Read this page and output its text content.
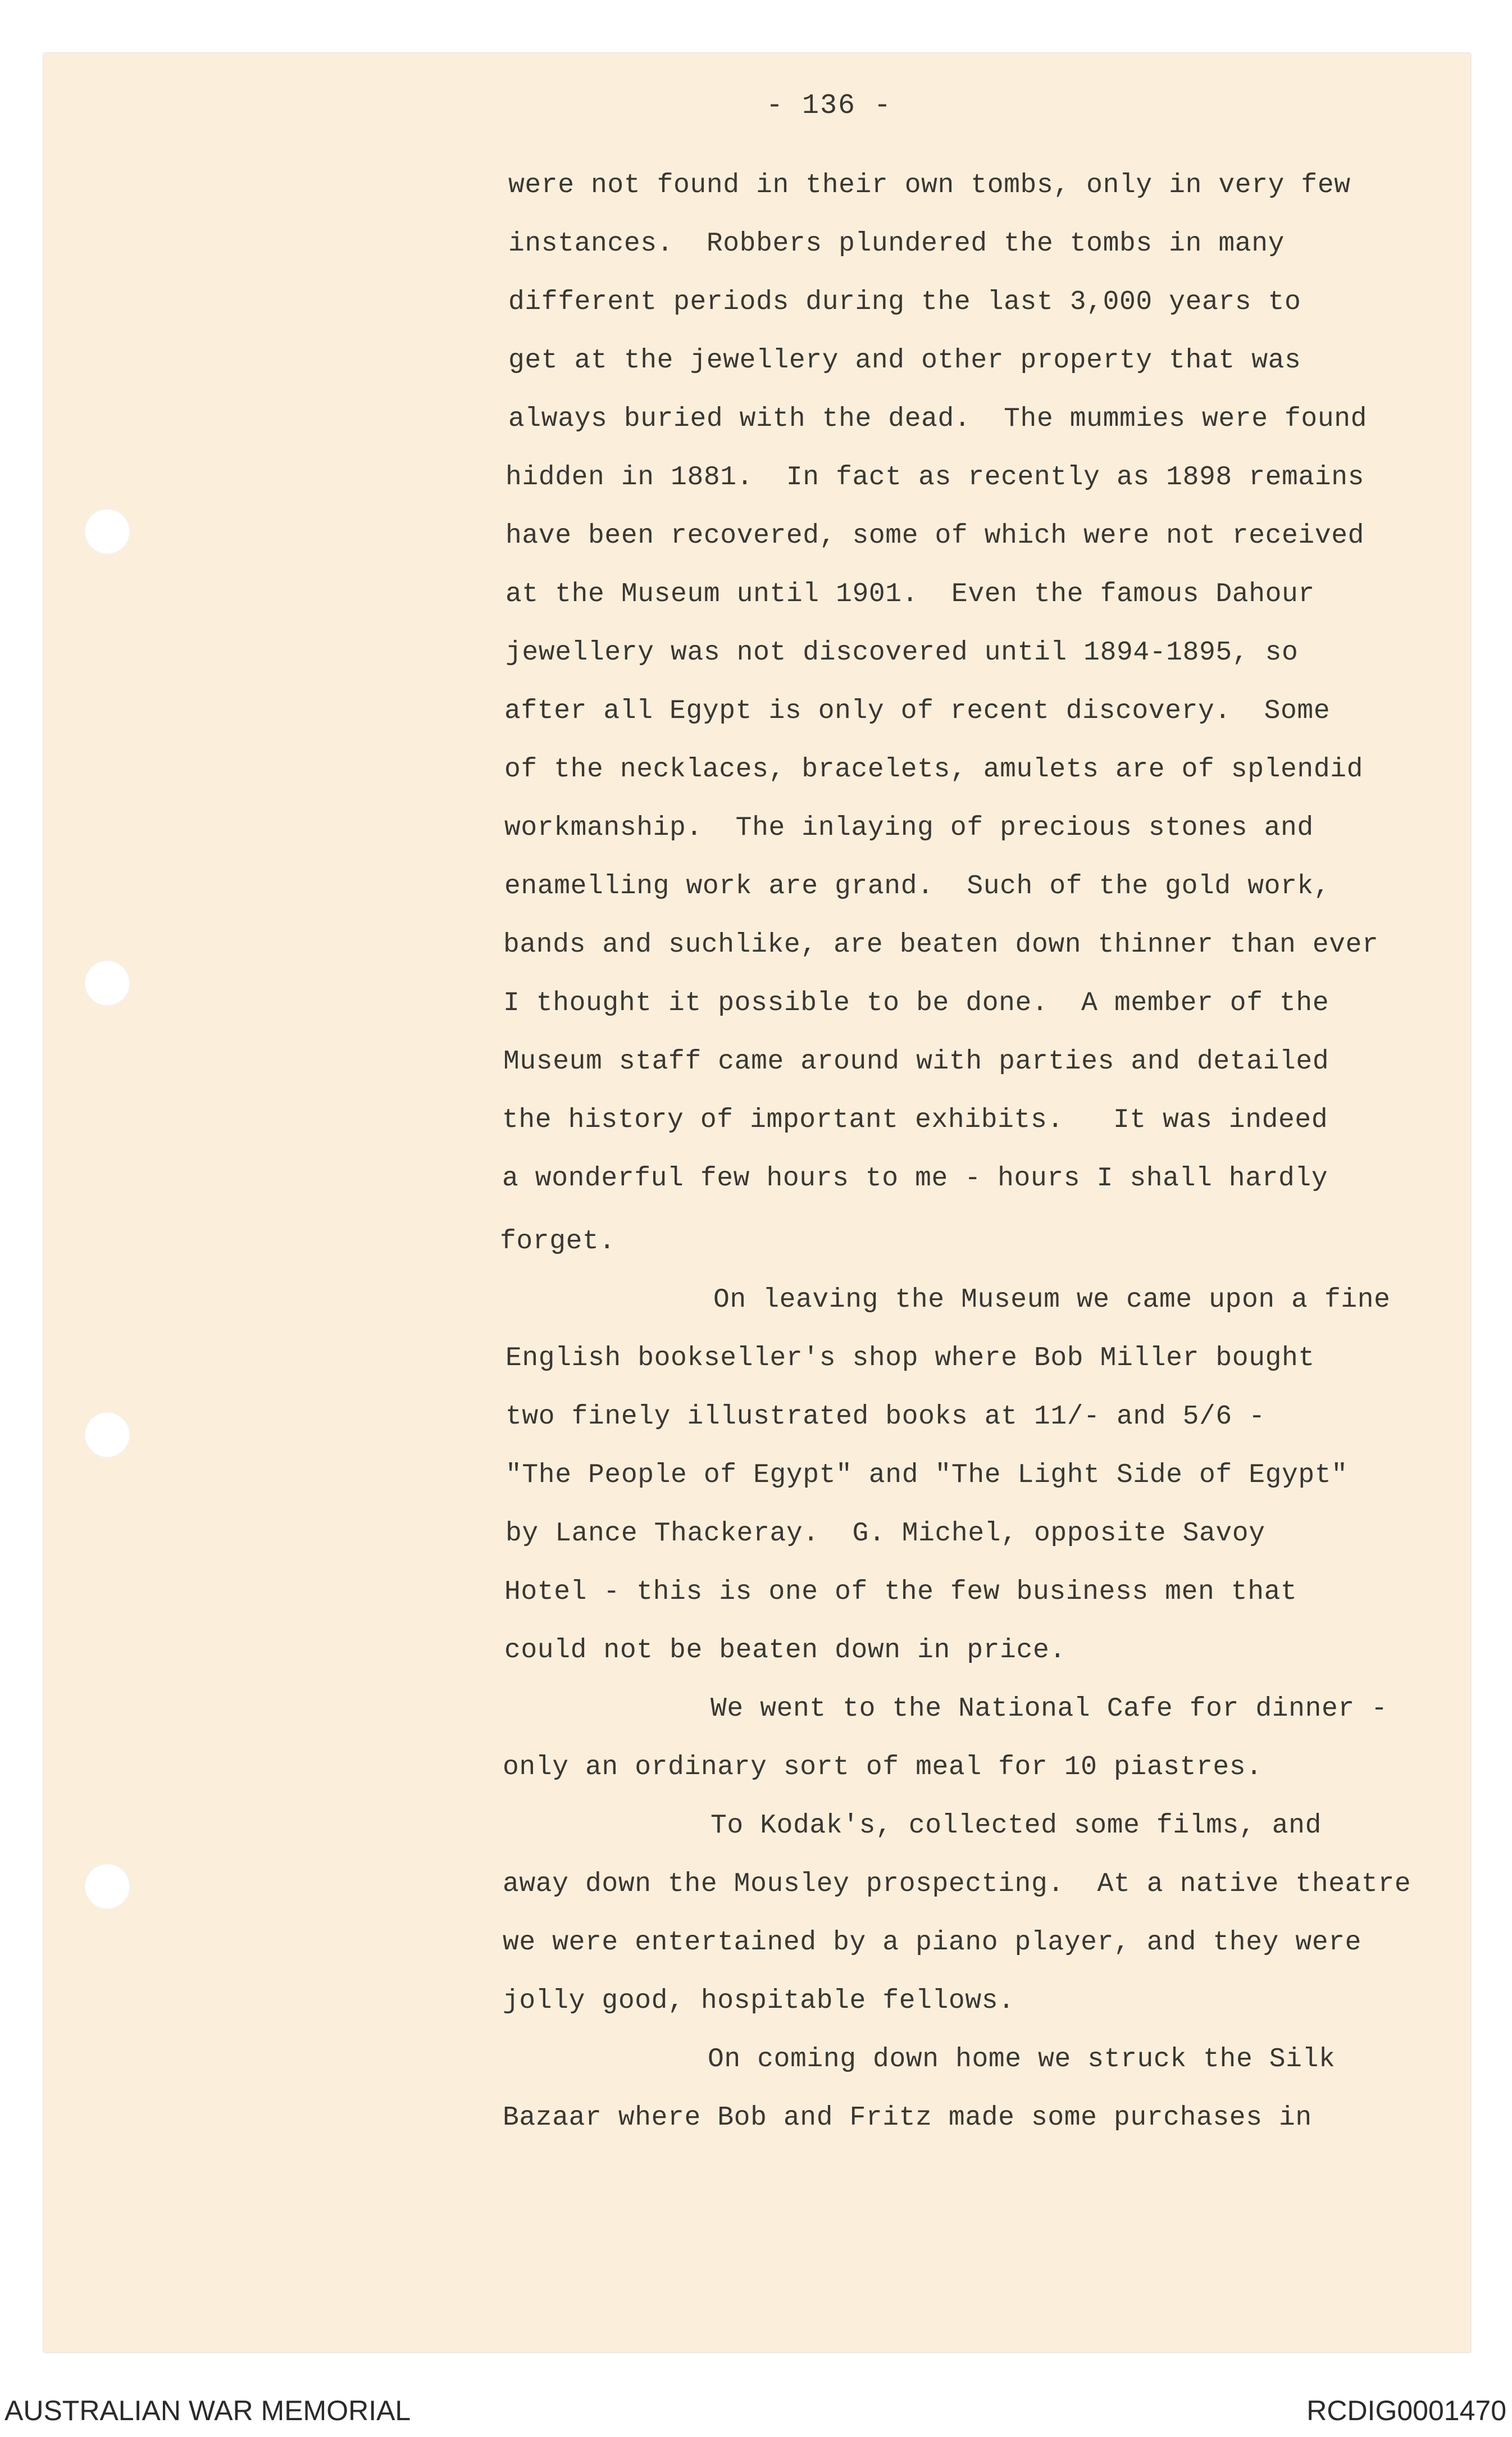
- 136 -
were not found in their own tombs, only in very few
instances.  Robbers plundered the tombs in many
different periods during the last 3,000 years to
get at the jewellery and other property that was
always buried with the dead.  The mummies were found
hidden in 1881.  In fact as recently as 1898 remains
have been recovered, some of which were not received
at the Museum until 1901.  Even the famous Dahour
jewellery was not discovered until 1894-1895, so
after all Egypt is only of recent discovery.  Some
of the necklaces, bracelets, amulets are of splendid
workmanship.  The inlaying of precious stones and
enamelling work are grand.  Such of the gold work,
bands and suchlike, are beaten down thinner than ever
I thought it possible to be done.  A member of the
Museum staff came around with parties and detailed
the history of important exhibits.   It was indeed
a wonderful few hours to me - hours I shall hardly
forget.
On leaving the Museum we came upon a fine
English bookseller's shop where Bob Miller bought
two finely illustrated books at 11/- and 5/6 -
"The People of Egypt" and "The Light Side of Egypt"
by Lance Thackeray.  G. Michel, opposite Savoy
Hotel - this is one of the few business men that
could not be beaten down in price.
We went to the National Cafe for dinner -
only an ordinary sort of meal for 10 piastres.
To Kodak's, collected some films, and
away down the Mousley prospecting.  At a native theatre
we were entertained by a piano player, and they were
jolly good, hospitable fellows.
On coming down home we struck the Silk
Bazaar where Bob and Fritz made some purchases in
AUSTRALIAN WAR MEMORIAL	RCDIG0001470
